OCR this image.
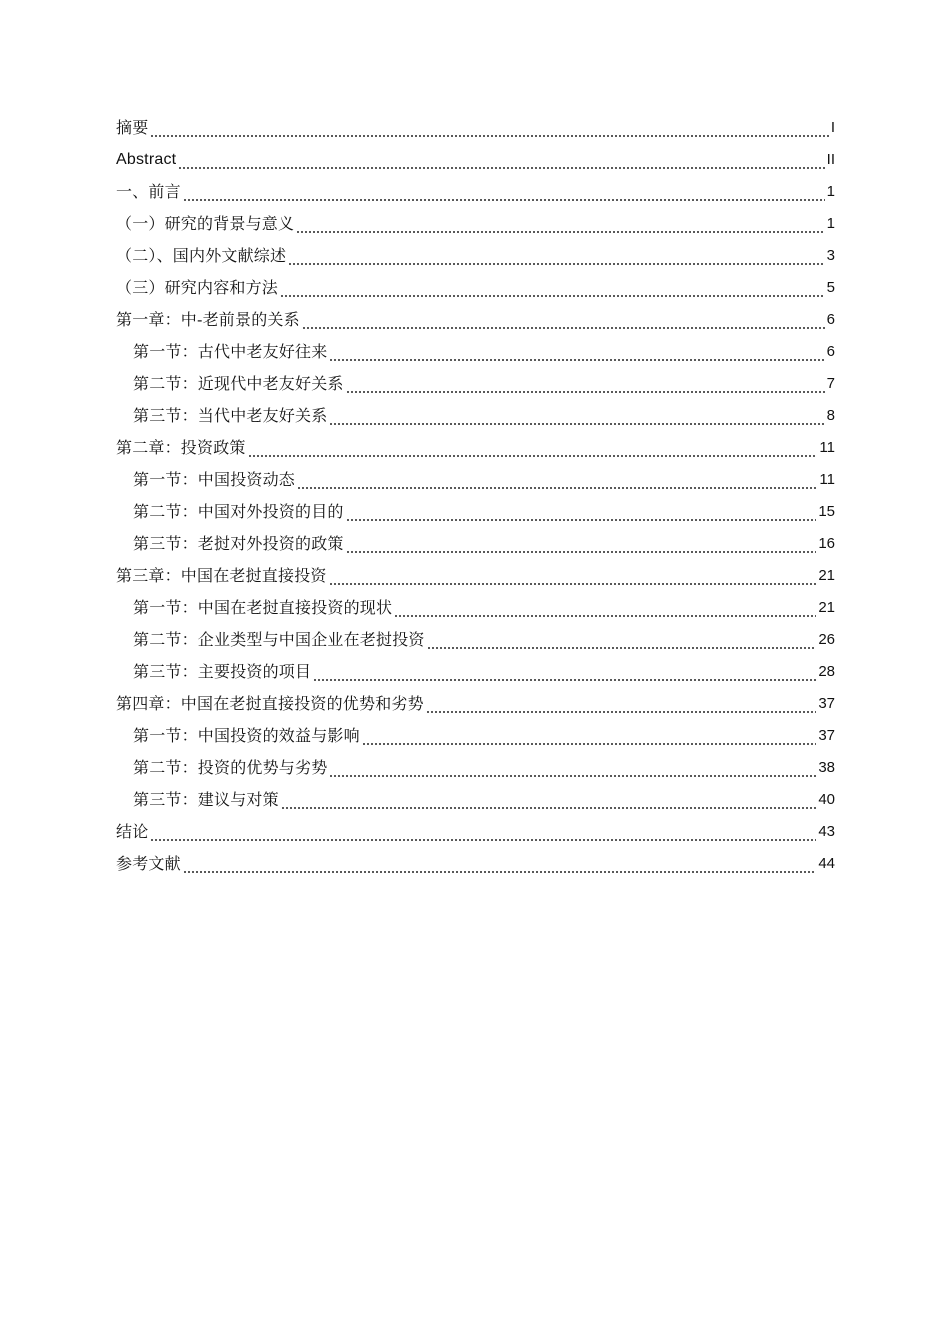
摘要	I
Abstract	II
一、前言	1
（一）研究的背景与意义	1
（二）、国内外文献综述	3
（三）研究内容和方法	5
第一章：中-老前景的关系	6
第一节：古代中老友好往来	6
第二节：近现代中老友好关系	7
第三节：当代中老友好关系	8
第二章：投资政策	11
第一节：中国投资动态	11
第二节：中国对外投资的目的	15
第三节：老挝对外投资的政策	16
第三章：中国在老挝直接投资	21
第一节：中国在老挝直接投资的现状	21
第二节：企业类型与中国企业在老挝投资	26
第三节：主要投资的项目	28
第四章：中国在老挝直接投资的优势和劣势	37
第一节：中国投资的效益与影响	37
第二节：投资的优势与劣势	38
第三节：建议与对策	40
结论	43
参考文献	44
